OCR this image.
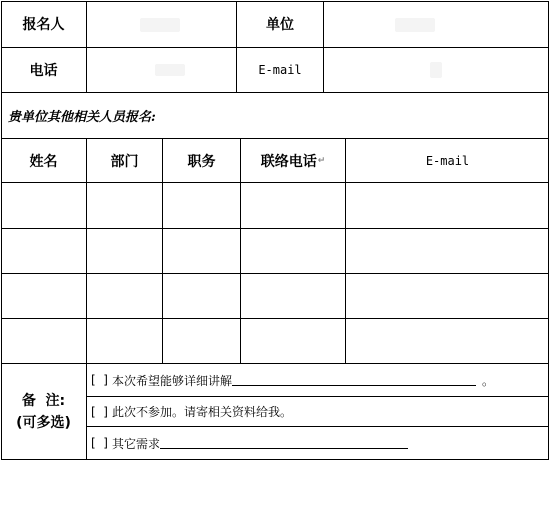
报名人	单位
电话	E-mail
贵单位其他相关人员报名:
姓名	部门	职务	联络电话 ↵	E-mail
备  注:
(可多选)
[  ] 本次希望能够详细讲解	。
[  ] 此次不参加。请寄相关资料给我。
[  ] 其它需求
